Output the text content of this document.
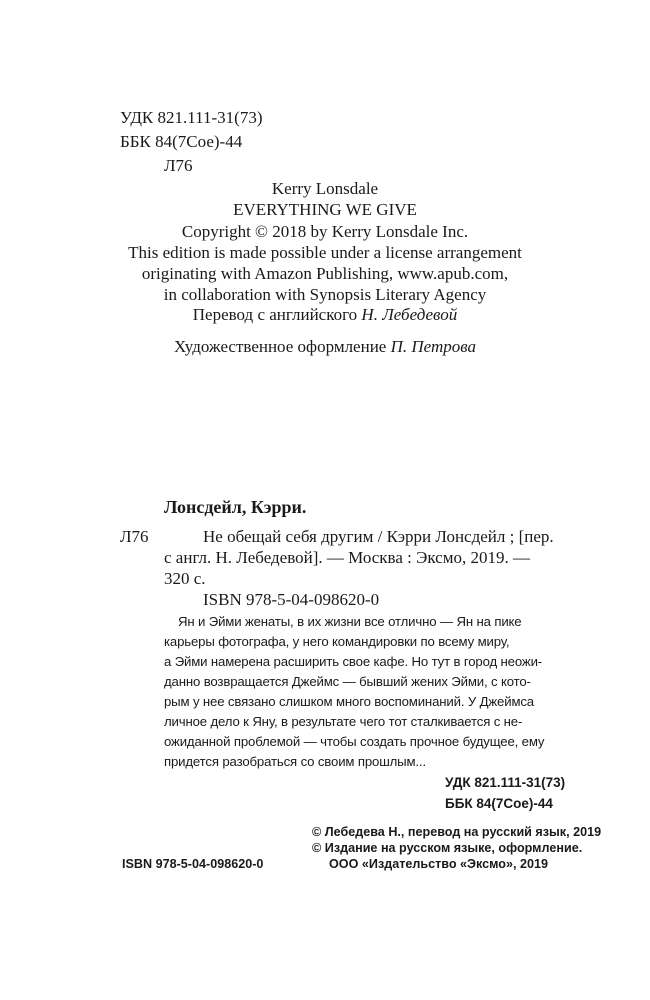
УДК 821.111-31(73)
ББК 84(7Сое)-44
Л76
Kerry Lonsdale
EVERYTHING WE GIVE
Copyright © 2018 by Kerry Lonsdale Inc.
This edition is made possible under a license arrangement
originating with Amazon Publishing, www.apub.com,
in collaboration with Synopsis Literary Agency
Перевод с английского Н. Лебедевой
Художественное оформление П. Петрова
Лонсдейл, Кэрри.
Л76	Не обещай себя другим / Кэрри Лонсдейл ; [пер.
с англ. Н. Лебедевой]. — Москва : Эксмо, 2019. —
320 с.
ISBN 978-5-04-098620-0
Ян и Эйми женаты, в их жизни все отлично — Ян на пике
карьеры фотографа, у него командировки по всему миру,
а Эйми намерена расширить свое кафе. Но тут в город неожи-
данно возвращается Джеймс — бывший жених Эйми, с кото-
рым у нее связано слишком много воспоминаний. У Джеймса
личное дело к Яну, в результате чего тот сталкивается с не-
ожиданной проблемой — чтобы создать прочное будущее, ему
придется разобраться со своим прошлым...
УДК 821.111-31(73)
ББК 84(7Сое)-44
ISBN 978-5-04-098620-0
© Лебедева Н., перевод на русский язык, 2019
© Издание на русском языке, оформление.
ООО «Издательство «Эксмо», 2019
